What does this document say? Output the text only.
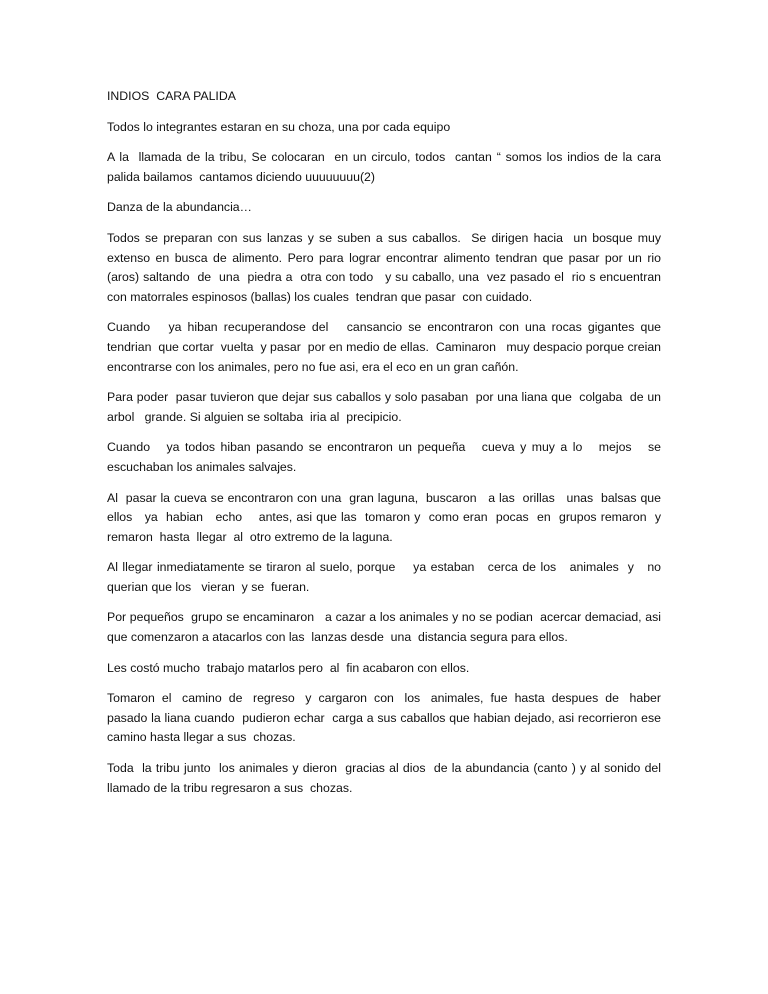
INDIOS  CARA PALIDA

Todos lo integrantes estaran en su choza, una por cada equipo

A la  llamada de la tribu, Se colocaran  en un circulo, todos  cantan “ somos los indios de la cara palida bailamos  cantamos diciendo uuuuuuuu(2)

Danza de la abundancia…

Todos se preparan con sus lanzas y se suben a sus caballos.  Se dirigen hacia  un bosque muy extenso en busca de alimento. Pero para lograr encontrar alimento tendran que pasar por un rio (aros) saltando  de  una  piedra a  otra con todo   y su caballo, una  vez pasado el  rio s encuentran con matorrales espinosos (ballas) los cuales  tendran que pasar  con cuidado.

Cuando   ya hiban recuperandose del   cansancio se encontraron con una rocas gigantes que tendrian  que cortar  vuelta  y pasar  por en medio de ellas.  Caminaron   muy despacio porque creian encontrarse con los animales, pero no fue asi, era el eco en un gran cañón.

Para poder  pasar tuvieron que dejar sus caballos y solo pasaban  por una liana que  colgaba  de un arbol   grande. Si alguien se soltaba  iria al  precipicio.

Cuando   ya todos hiban pasando se encontraron un pequeña   cueva y muy a lo   mejos   se escuchaban los animales salvajes.

Al  pasar la cueva se encontraron con una  gran laguna,  buscaron   a las  orillas   unas  balsas que ellos   ya  habian   echo    antes, asi que las  tomaron y  como eran  pocas  en  grupos remaron  y remaron  hasta  llegar  al  otro extremo de la laguna.

Al llegar inmediatamente se tiraron al suelo, porque    ya estaban   cerca de los   animales  y   no querian que los   vieran  y se  fueran.

Por pequeños  grupo se encaminaron   a cazar a los animales y no se podian  acercar demaciad, asi que comenzaron a atacarlos con las  lanzas desde  una  distancia segura para ellos.

Les costó mucho  trabajo matarlos pero  al  fin acabaron con ellos.

Tomaron  el   camino  de   regreso   y  cargaron  con   los   animales,  fue  hasta  despues  de   haber pasado la liana cuando  pudieron echar  carga a sus caballos que habian dejado, asi recorrieron ese camino hasta llegar a sus  chozas.

Toda  la tribu junto  los animales y dieron  gracias al dios  de la abundancia (canto ) y al sonido del llamado de la tribu regresaron a sus  chozas.
